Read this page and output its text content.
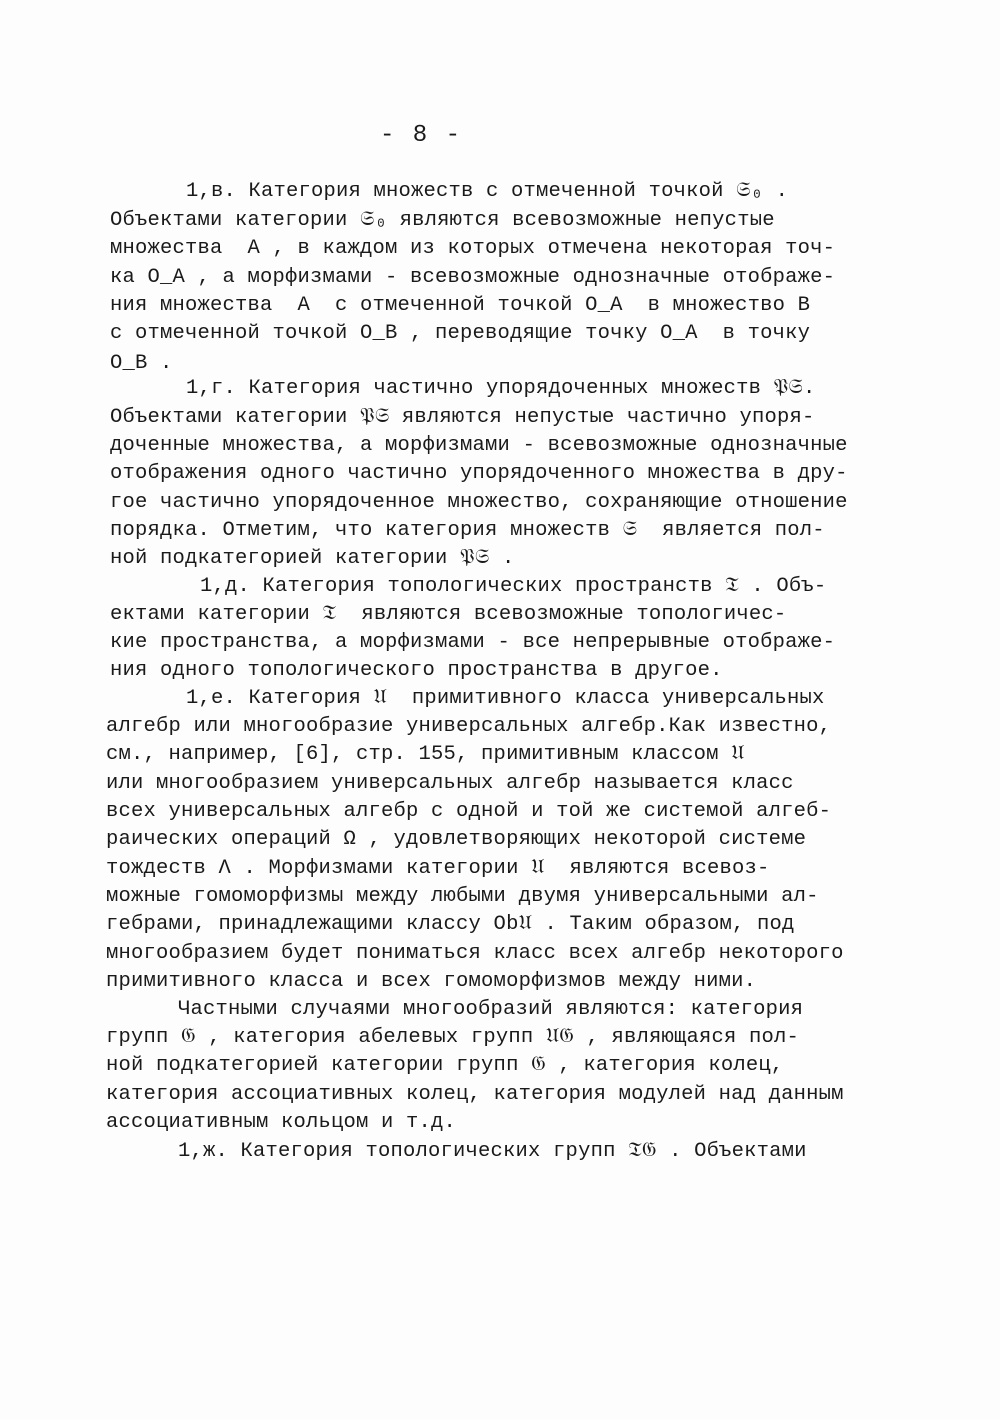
- 8 -
1,в. Категория множеств с отмеченной точкой 𝔖₀ .
Объектами категории 𝔖₀ являются всевозможные непустые
множества  A , в каждом из которых отмечена некоторая точ-
ка O_A , а морфизмами - всевозможные однозначные отображе-
ния множества  A  с отмеченной точкой O_A  в множество B
с отмеченной точкой O_B , переводящие точку O_A  в точку
O_B .
1,г. Категория частично упорядоченных множеств 𝔓𝔖.
Объектами категории 𝔓𝔖 являются непустые частично упоря-
доченные множества, а морфизмами - всевозможные однозначные
отображения одного частично упорядоченного множества в дру-
гое частично упорядоченное множество, сохраняющие отношение
порядка. Отметим, что категория множеств 𝔖  является пол-
ной подкатегорией категории 𝔓𝔖 .
1,д. Категория топологических пространств 𝔗 . Объ-
ектами категории 𝔗  являются всевозможные топологичес-
кие пространства, а морфизмами - все непрерывные отображе-
ния одного топологического пространства в другое.
1,е. Категория 𝔘  примитивного класса универсальных
алгебр или многообразие универсальных алгебр.Как известно,
см., например, [6], стр. 155, примитивным классом 𝔘
или многообразием универсальных алгебр называется класс
всех универсальных алгебр с одной и той же системой алгеб-
раических операций Ω , удовлетворяющих некоторой системе
тождеств Λ . Морфизмами категории 𝔘  являются всевоз-
можные гомоморфизмы между любыми двумя универсальными ал-
гебрами, принадлежащими классу Ob𝔘 . Таким образом, под
многообразием будет пониматься класс всех алгебр некоторого
примитивного класса и всех гомоморфизмов между ними.
Частными случаями многообразий являются: категория
групп 𝔊 , категория абелевых групп 𝔘𝔊 , являющаяся пол-
ной подкатегорией категории групп 𝔊 , категория колец,
категория ассоциативных колец, категория модулей над данным
ассоциативным кольцом и т.д.
1,ж. Категория топологических групп 𝔗𝔊 . Объектами
